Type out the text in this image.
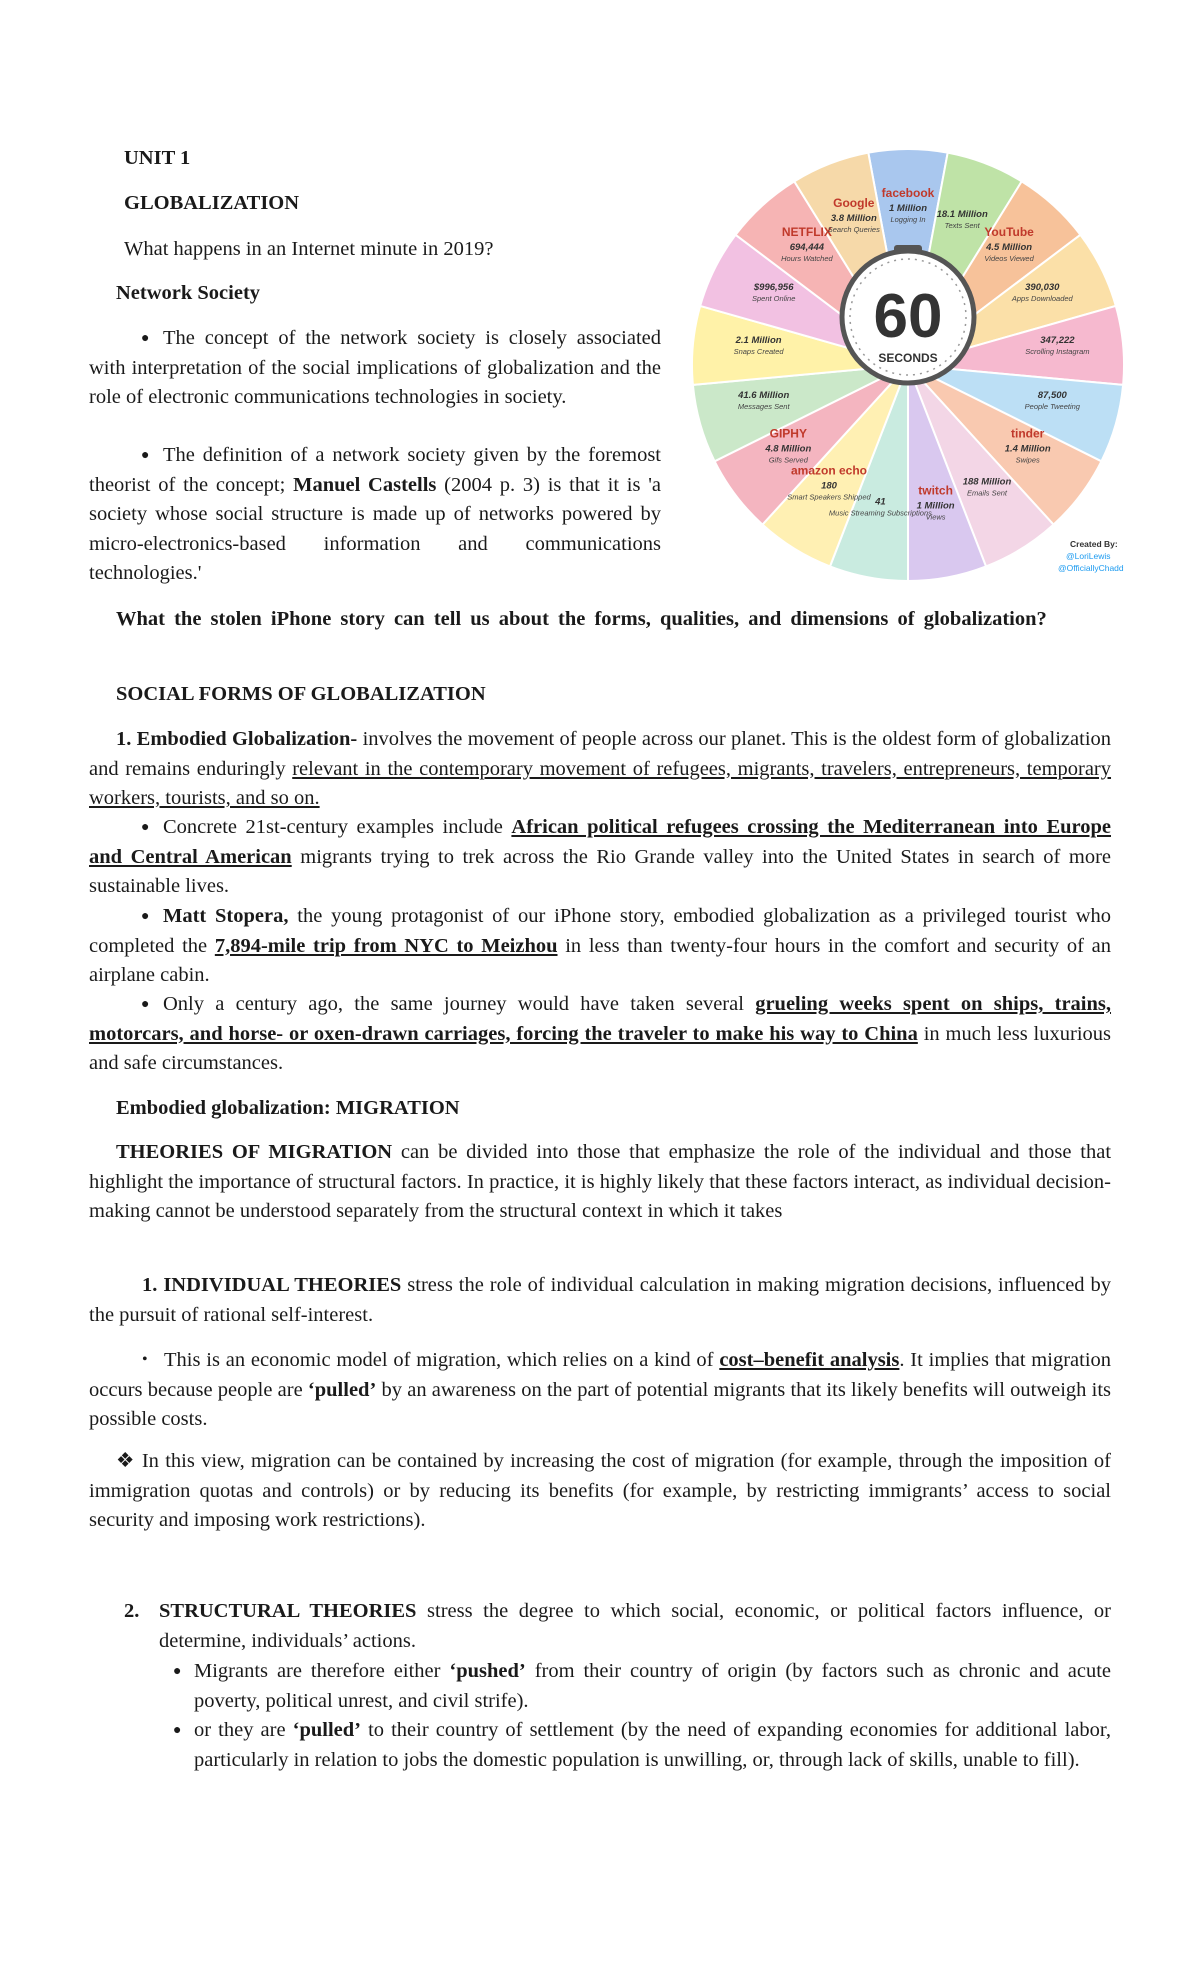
UNIT 1

GLOBALIZATION

What happens in an Internet minute in 2019?

Network Society

● The concept of the network society is closely associated with interpretation of the social implications of globalization and the role of electronic communications technologies in society.

● The definition of a network society given by the foremost theorist of the concept; Manuel Castells (2004 p. 3) is that it is 'a society whose social structure is made up of networks powered by micro-electronics-based information and communications technologies.'

facebook
1 Million
Logging In 18.1 Million
Texts Sent YouTube
4.5 Million
Videos Viewed
390,030
Apps Downloaded
347,222
Scrolling Instagram
87,500
People Tweeting
tinder
1.4 Million
Swipes
188 Million
Emails Sent
twitch
1 Million
Views
41
Music Streaming Subscriptions
amazon echo
180
Smart Speakers Shipped
GIPHY
4.8 Million
Gifs Served
41.6 Million
Messages Sent
2.1 Million
Snaps Created
$996,956
Spent Online
NETFLIX
694,444
Hours Watched
Google
3.8 Million
Search Queries
60
SECONDS
Created By:
@LoriLewis
@OfficiallyChadd

What the stolen iPhone story can tell us about the forms, qualities, and dimensions of globalization?

SOCIAL FORMS OF GLOBALIZATION

1. Embodied Globalization- involves the movement of people across our planet. This is the oldest form of globalization and remains enduringly relevant in the contemporary movement of refugees, migrants, travelers, entrepreneurs, temporary workers, tourists, and so on.

● Concrete 21st-century examples include African political refugees crossing the Mediterranean into Europe and Central American migrants trying to trek across the Rio Grande valley into the United States in search of more sustainable lives.

● Matt Stopera, the young protagonist of our iPhone story, embodied globalization as a privileged tourist who completed the 7,894-mile trip from NYC to Meizhou in less than twenty-four hours in the comfort and security of an airplane cabin.

● Only a century ago, the same journey would have taken several grueling weeks spent on ships, trains, motorcars, and horse- or oxen-drawn carriages, forcing the traveler to make his way to China in much less luxurious and safe circumstances.

Embodied globalization: MIGRATION

THEORIES OF MIGRATION can be divided into those that emphasize the role of the individual and those that highlight the importance of structural factors. In practice, it is highly likely that these factors interact, as individual decision-making cannot be understood separately from the structural context in which it takes

1. INDIVIDUAL THEORIES stress the role of individual calculation in making migration decisions, influenced by the pursuit of rational self-interest.

• This is an economic model of migration, which relies on a kind of cost–benefit analysis. It implies that migration occurs because people are ‘pulled’ by an awareness on the part of potential migrants that its likely benefits will outweigh its possible costs.

❖ In this view, migration can be contained by increasing the cost of migration (for example, through the imposition of immigration quotas and controls) or by reducing its benefits (for example, by restricting immigrants’ access to social security and imposing work restrictions).

2. STRUCTURAL THEORIES stress the degree to which social, economic, or political factors influence, or determine, individuals’ actions.

● Migrants are therefore either ‘pushed’ from their country of origin (by factors such as chronic and acute poverty, political unrest, and civil strife).

● or they are ‘pulled’ to their country of settlement (by the need of expanding economies for additional labor, particularly in relation to jobs the domestic population is unwilling, or, through lack of skills, unable to fill).
